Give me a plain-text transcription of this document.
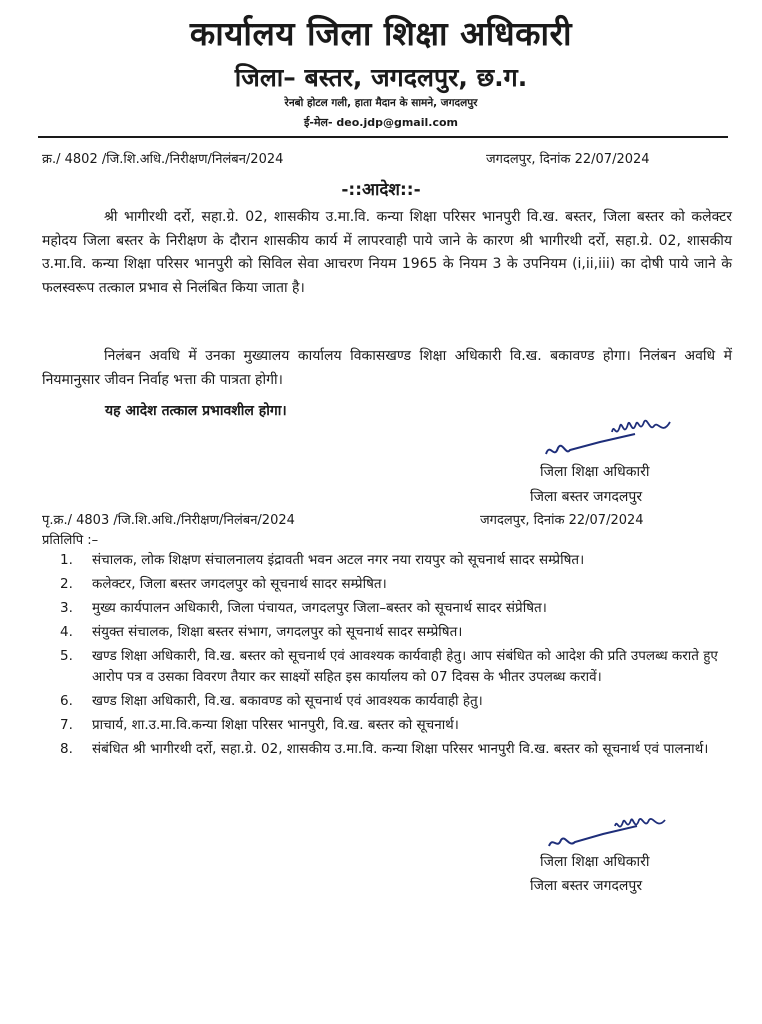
कार्यालय जिला शिक्षा अधिकारी
जिला– बस्तर, जगदलपुर, छ.ग.
रेनबो होटल गली, हाता मैदान के सामने, जगदलपुर
ई-मेल- deo.jdp@gmail.com
क्र./ 4802 /जि.शि.अधि./निरीक्षण/निलंबन/2024	जगदलपुर, दिनांक 22/07/2024
-::आदेश::-
श्री भागीरथी दर्रो, सहा.ग्रे. 02, शासकीय उ.मा.वि. कन्या शिक्षा परिसर भानपुरी वि.ख. बस्तर, जिला बस्तर को कलेक्टर महोदय जिला बस्तर के निरीक्षण के दौरान शासकीय कार्य में लापरवाही पाये जाने के कारण श्री भागीरथी दर्रो, सहा.ग्रे. 02, शासकीय उ.मा.वि. कन्या शिक्षा परिसर भानपुरी को सिविल सेवा आचरण नियम 1965 के नियम 3 के उपनियम (i,ii,iii) का दोषी पाये जाने के फलस्वरूप तत्काल प्रभाव से निलंबित किया जाता है।
निलंबन अवधि में उनका मुख्यालय कार्यालय विकासखण्ड शिक्षा अधिकारी वि.ख. बकावण्ड होगा। निलंबन अवधि में नियमानुसार जीवन निर्वाह भत्ता की पात्रता होगी।
यह आदेश तत्काल प्रभावशील होगा।
जिला शिक्षा अधिकारी
जिला बस्तर जगदलपुर
पृ.क्र./ 4803 /जि.शि.अधि./निरीक्षण/निलंबन/2024	जगदलपुर, दिनांक 22/07/2024
प्रतिलिपि :–
1.	संचालक, लोक शिक्षण संचालनालय इंद्रावती भवन अटल नगर नया रायपुर को सूचनार्थ सादर सम्प्रेषित।
2.	कलेक्टर, जिला बस्तर जगदलपुर को सूचनार्थ सादर सम्प्रेषित।
3.	मुख्य कार्यपालन अधिकारी, जिला पंचायत, जगदलपुर जिला–बस्तर को सूचनार्थ सादर संप्रेषित।
4.	संयुक्त संचालक, शिक्षा बस्तर संभाग, जगदलपुर को सूचनार्थ सादर सम्प्रेषित।
5.	खण्ड शिक्षा अधिकारी, वि.ख. बस्तर को सूचनार्थ एवं आवश्यक कार्यवाही हेतु। आप संबंधित को आदेश की प्रति उपलब्ध कराते हुए आरोप पत्र व उसका विवरण तैयार कर साक्ष्यों सहित इस कार्यालय को 07 दिवस के भीतर उपलब्ध करावें।
6.	खण्ड शिक्षा अधिकारी, वि.ख. बकावण्ड को सूचनार्थ एवं आवश्यक कार्यवाही हेतु।
7.	प्राचार्य, शा.उ.मा.वि.कन्या शिक्षा परिसर भानपुरी, वि.ख. बस्तर को सूचनार्थ।
8.	संबंधित श्री भागीरथी दर्रो, सहा.ग्रे. 02, शासकीय उ.मा.वि. कन्या शिक्षा परिसर भानपुरी वि.ख. बस्तर को सूचनार्थ एवं पालनार्थ।
जिला शिक्षा अधिकारी
जिला बस्तर जगदलपुर
